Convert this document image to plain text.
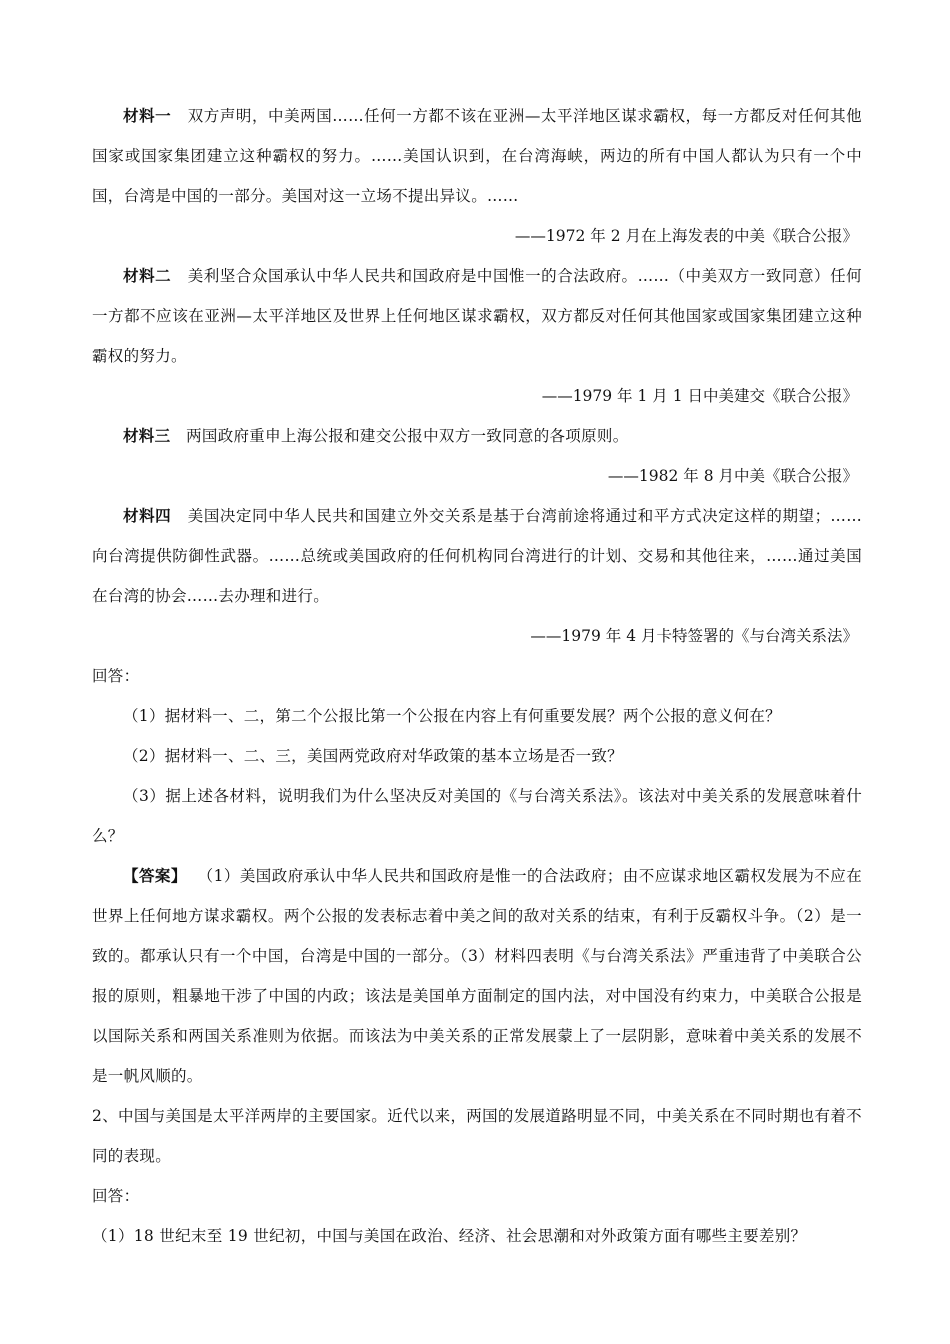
材料一 双方声明，中美两国……任何一方都不该在亚洲—太平洋地区谋求霸权，每一方都反对任何其他国家或国家集团建立这种霸权的努力。……美国认识到，在台湾海峡，两边的所有中国人都认为只有一个中国，台湾是中国的一部分。美国对这一立场不提出异议。……

——1972 年 2 月在上海发表的中美《联合公报》

材料二 美利坚合众国承认中华人民共和国政府是中国惟一的合法政府。……（中美双方一致同意）任何一方都不应该在亚洲—太平洋地区及世界上任何地区谋求霸权，双方都反对任何其他国家或国家集团建立这种霸权的努力。

——1979 年 1 月 1 日中美建交《联合公报》

材料三 两国政府重申上海公报和建交公报中双方一致同意的各项原则。

——1982 年 8 月中美《联合公报》

材料四 美国决定同中华人民共和国建立外交关系是基于台湾前途将通过和平方式决定这样的期望；……向台湾提供防御性武器。……总统或美国政府的任何机构同台湾进行的计划、交易和其他往来，……通过美国在台湾的协会……去办理和进行。

——1979 年 4 月卡特签署的《与台湾关系法》

回答：

（1）据材料一、二，第二个公报比第一个公报在内容上有何重要发展？两个公报的意义何在？

（2）据材料一、二、三，美国两党政府对华政策的基本立场是否一致？

（3）据上述各材料，说明我们为什么坚决反对美国的《与台湾关系法》。该法对中美关系的发展意味着什么？

【答案】 （1）美国政府承认中华人民共和国政府是惟一的合法政府；由不应谋求地区霸权发展为不应在世界上任何地方谋求霸权。两个公报的发表标志着中美之间的敌对关系的结束，有利于反霸权斗争。（2）是一致的。都承认只有一个中国，台湾是中国的一部分。（3）材料四表明《与台湾关系法》严重违背了中美联合公报的原则，粗暴地干涉了中国的内政；该法是美国单方面制定的国内法，对中国没有约束力，中美联合公报是以国际关系和两国关系准则为依据。而该法为中美关系的正常发展蒙上了一层阴影，意味着中美关系的发展不是一帆风顺的。

2、中国与美国是太平洋两岸的主要国家。近代以来，两国的发展道路明显不同，中美关系在不同时期也有着不同的表现。

回答：

（1）18 世纪末至 19 世纪初，中国与美国在政治、经济、社会思潮和对外政策方面有哪些主要差别？
